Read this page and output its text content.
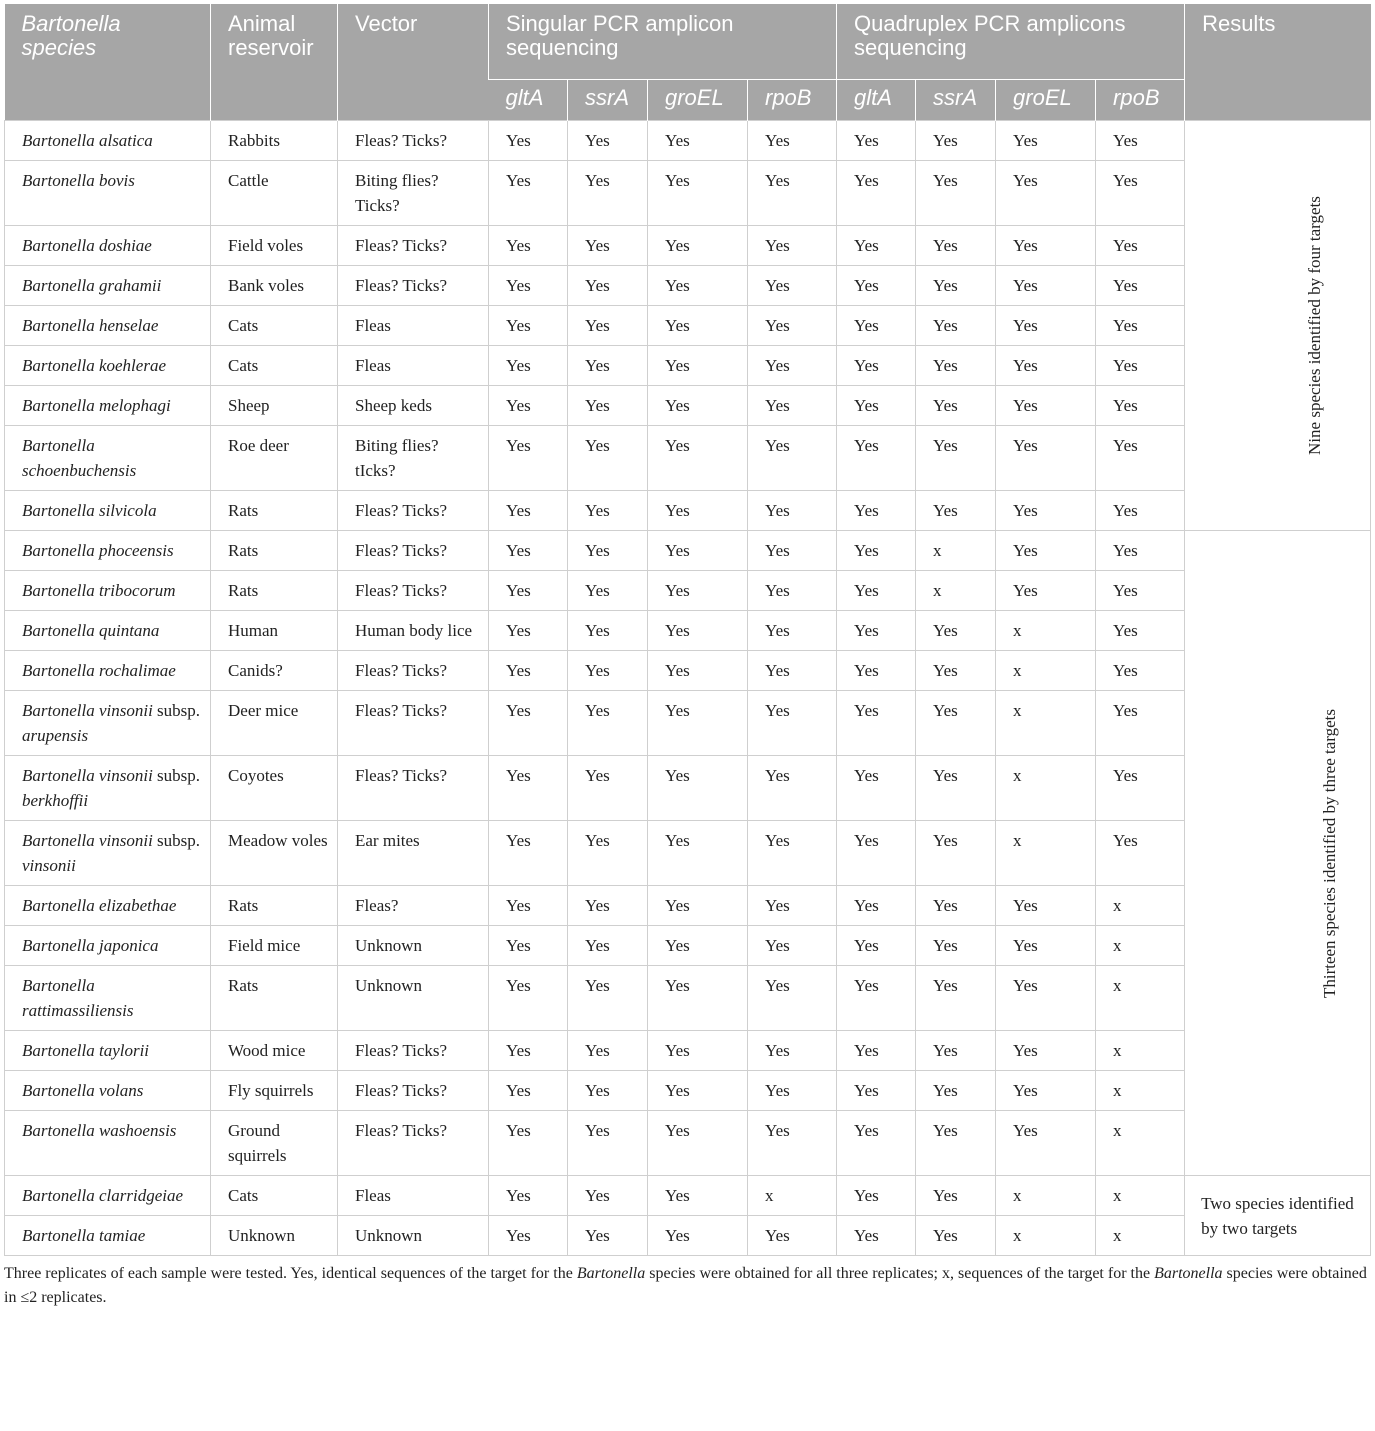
Bartonella species	Animal reservoir	Vector	Singular PCR amplicon sequencing				Quadruplex PCR amplicons sequencing				Results
			gltA	ssrA	groEL	rpoB	gltA	ssrA	groEL	rpoB	
Bartonella alsatica	Rabbits	Fleas? Ticks?	Yes	Yes	Yes	Yes	Yes	Yes	Yes	Yes	Nine species identified by four targets
Bartonella bovis	Cattle	Biting flies? Ticks?	Yes	Yes	Yes	Yes	Yes	Yes	Yes	Yes	
Bartonella doshiae	Field voles	Fleas? Ticks?	Yes	Yes	Yes	Yes	Yes	Yes	Yes	Yes	
Bartonella grahamii	Bank voles	Fleas? Ticks?	Yes	Yes	Yes	Yes	Yes	Yes	Yes	Yes	
Bartonella henselae	Cats	Fleas	Yes	Yes	Yes	Yes	Yes	Yes	Yes	Yes	
Bartonella koehlerae	Cats	Fleas	Yes	Yes	Yes	Yes	Yes	Yes	Yes	Yes	
Bartonella melophagi	Sheep	Sheep keds	Yes	Yes	Yes	Yes	Yes	Yes	Yes	Yes	
Bartonella schoenbuchensis	Roe deer	Biting flies? tIcks?	Yes	Yes	Yes	Yes	Yes	Yes	Yes	Yes	
Bartonella silvicola	Rats	Fleas? Ticks?	Yes	Yes	Yes	Yes	Yes	Yes	Yes	Yes	
Bartonella phoceensis	Rats	Fleas? Ticks?	Yes	Yes	Yes	Yes	Yes	x	Yes	Yes	Thirteen species identified by three targets
Bartonella tribocorum	Rats	Fleas? Ticks?	Yes	Yes	Yes	Yes	Yes	x	Yes	Yes	
Bartonella quintana	Human	Human body lice	Yes	Yes	Yes	Yes	Yes	Yes	x	Yes	
Bartonella rochalimae	Canids?	Fleas? Ticks?	Yes	Yes	Yes	Yes	Yes	Yes	x	Yes	
Bartonella vinsonii subsp. arupensis	Deer mice	Fleas? Ticks?	Yes	Yes	Yes	Yes	Yes	Yes	x	Yes	
Bartonella vinsonii subsp. berkhoffii	Coyotes	Fleas? Ticks?	Yes	Yes	Yes	Yes	Yes	Yes	x	Yes	
Bartonella vinsonii subsp. vinsonii	Meadow voles	Ear mites	Yes	Yes	Yes	Yes	Yes	Yes	x	Yes	
Bartonella elizabethae	Rats	Fleas?	Yes	Yes	Yes	Yes	Yes	Yes	Yes	x	
Bartonella japonica	Field mice	Unknown	Yes	Yes	Yes	Yes	Yes	Yes	Yes	x	
Bartonella rattimassiliensis	Rats	Unknown	Yes	Yes	Yes	Yes	Yes	Yes	Yes	x	
Bartonella taylorii	Wood mice	Fleas? Ticks?	Yes	Yes	Yes	Yes	Yes	Yes	Yes	x	
Bartonella volans	Fly squirrels	Fleas? Ticks?	Yes	Yes	Yes	Yes	Yes	Yes	Yes	x	
Bartonella washoensis	Ground squirrels	Fleas? Ticks?	Yes	Yes	Yes	Yes	Yes	Yes	Yes	x	
Bartonella clarridgeiae	Cats	Fleas	Yes	Yes	Yes	x	Yes	Yes	x	x	Two species identified by two targets
Bartonella tamiae	Unknown	Unknown	Yes	Yes	Yes	Yes	Yes	Yes	x	x	

Three replicates of each sample were tested. Yes, identical sequences of the target for the Bartonella species were obtained for all three replicates; x, sequences of the target for the Bartonella species were obtained in ≤2 replicates.
